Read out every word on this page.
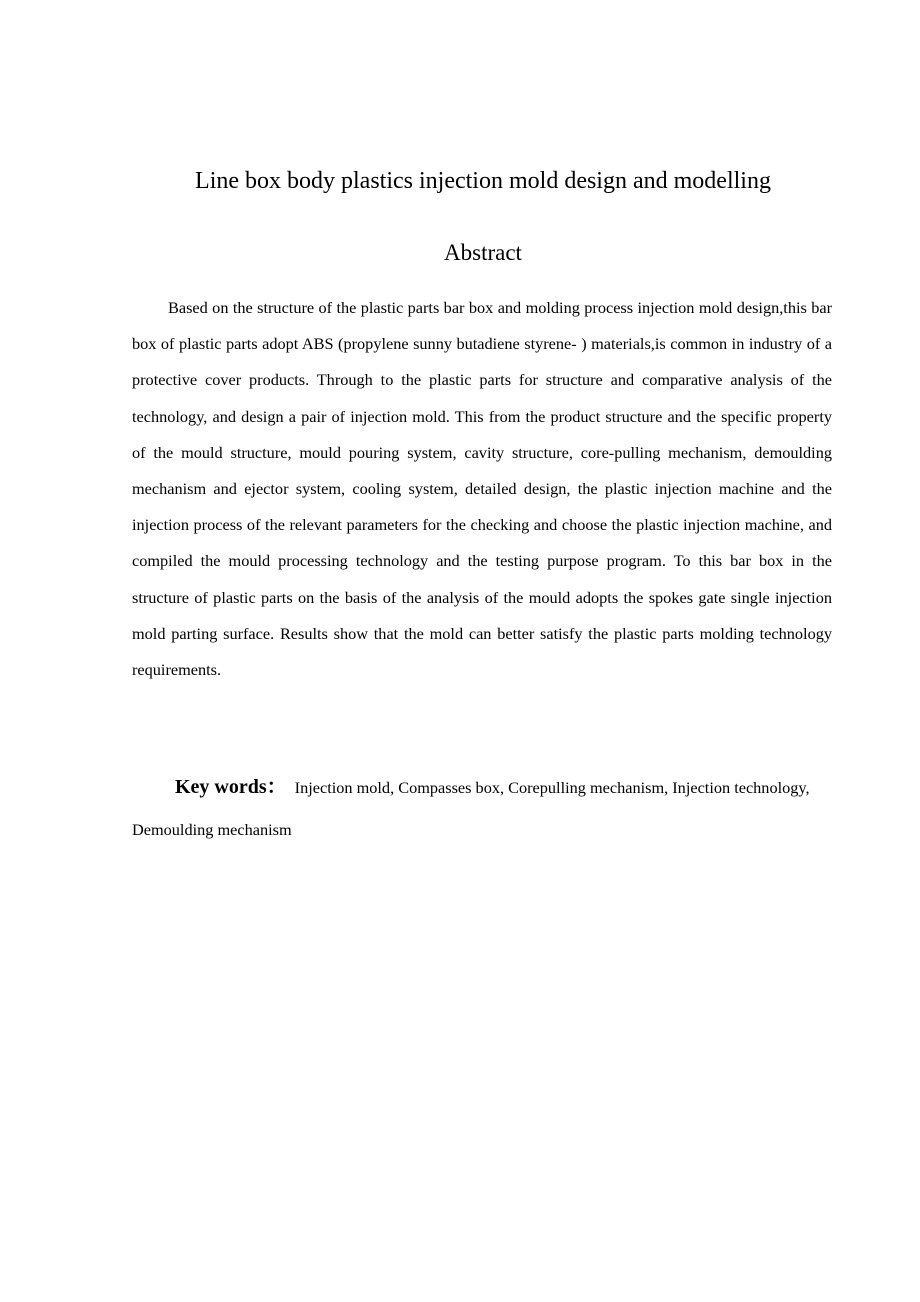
Line box body plastics injection mold design and modelling
Abstract

Based on the structure of the plastic parts bar box and molding process injection mold design,this bar box of plastic parts adopt ABS (propylene sunny butadiene styrene- ) materials,is common in industry of a protective cover products. Through to the plastic parts for structure and comparative analysis of the technology, and design a pair of injection mold. This from the product structure and the specific property of the mould structure, mould pouring system, cavity structure, core-pulling mechanism, demoulding mechanism and ejector system, cooling system, detailed design, the plastic injection machine and the injection process of the relevant parameters for the checking and choose the plastic injection machine, and compiled the mould processing technology and the testing purpose program. To this bar box in the structure of plastic parts on the basis of the analysis of the mould adopts the spokes gate single injection mold parting surface. Results show that the mold can better satisfy the plastic parts molding technology requirements.

Key words： Injection mold, Compasses box, Corepulling mechanism, Injection technology,    Demoulding mechanism
